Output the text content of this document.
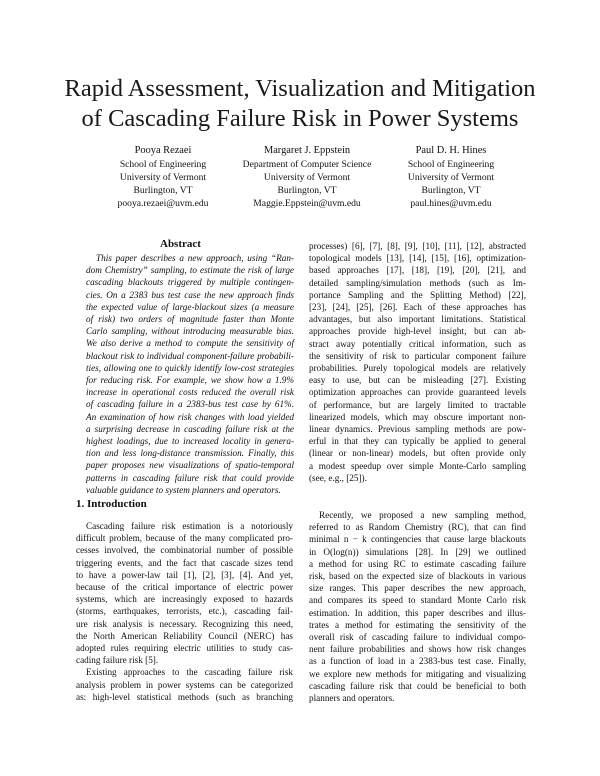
Rapid Assessment, Visualization and Mitigation
of Cascading Failure Risk in Power Systems
Pooya Rezaei
School of Engineering
University of Vermont
Burlington, VT
pooya.rezaei@uvm.edu
Margaret J. Eppstein
Department of Computer Science
University of Vermont
Burlington, VT
Maggie.Eppstein@uvm.edu
Paul D. H. Hines
School of Engineering
University of Vermont
Burlington, VT
paul.hines@uvm.edu
Abstract
This paper describes a new approach, using “Ran-
dom Chemistry” sampling, to estimate the risk of large
cascading blackouts triggered by multiple contingen-
cies. On a 2383 bus test case the new approach finds
the expected value of large-blackout sizes (a measure
of risk) two orders of magnitude faster than Monte
Carlo sampling, without introducing measurable bias.
We also derive a method to compute the sensitivity of
blackout risk to individual component-failure probabili-
ties, allowing one to quickly identify low-cost strategies
for reducing risk. For example, we show how a 1.9%
increase in operational costs reduced the overall risk
of cascading failure in a 2383-bus test case by 61%.
An examination of how risk changes with load yielded
a surprising decrease in cascading failure risk at the
highest loadings, due to increased locality in genera-
tion and less long-distance transmission. Finally, this
paper proposes new visualizations of spatio-temporal
patterns in cascading failure risk that could provide
valuable guidance to system planners and operators.
1. Introduction
Cascading failure risk estimation is a notoriously
difficult problem, because of the many complicated pro-
cesses involved, the combinatorial number of possible
triggering events, and the fact that cascade sizes tend
to have a power-law tail [1], [2], [3], [4]. And yet,
because of the critical importance of electric power
systems, which are increasingly exposed to hazards
(storms, earthquakes, terrorists, etc.), cascading fail-
ure risk analysis is necessary. Recognizing this need,
the North American Reliability Council (NERC) has
adopted rules requiring electric utilities to study cas-
cading failure risk [5].
Existing approaches to the cascading failure risk
analysis problem in power systems can be categorized
as: high-level statistical methods (such as branching
processes) [6], [7], [8], [9], [10], [11], [12], abstracted
topological models [13], [14], [15], [16], optimization-
based approaches [17], [18], [19], [20], [21], and
detailed sampling/simulation methods (such as Im-
portance Sampling and the Splitting Method) [22],
[23], [24], [25], [26]. Each of these approaches has
advantages, but also important limitations. Statistical
approaches provide high-level insight, but can ab-
stract away potentially critical information, such as
the sensitivity of risk to particular component failure
probabilities. Purely topological models are relatively
easy to use, but can be misleading [27]. Existing
optimization approaches can provide guaranteed levels
of performance, but are largely limited to tractable
linearized models, which may obscure important non-
linear dynamics. Previous sampling methods are pow-
erful in that they can typically be applied to general
(linear or non-linear) models, but often provide only
a modest speedup over simple Monte-Carlo sampling
(see, e.g., [25]).
Recently, we proposed a new sampling method,
referred to as Random Chemistry (RC), that can find
minimal n − k contingencies that cause large blackouts
in O(log(n)) simulations [28]. In [29] we outlined
a method for using RC to estimate cascading failure
risk, based on the expected size of blackouts in various
size ranges. This paper describes the new approach,
and compares its speed to standard Monte Carlo risk
estimation. In addition, this paper describes and illus-
trates a method for estimating the sensitivity of the
overall risk of cascading failure to individual compo-
nent failure probabilities and shows how risk changes
as a function of load in a 2383-bus test case. Finally,
we explore new methods for mitigating and visualizing
cascading failure risk that could be beneficial to both
planners and operators.
